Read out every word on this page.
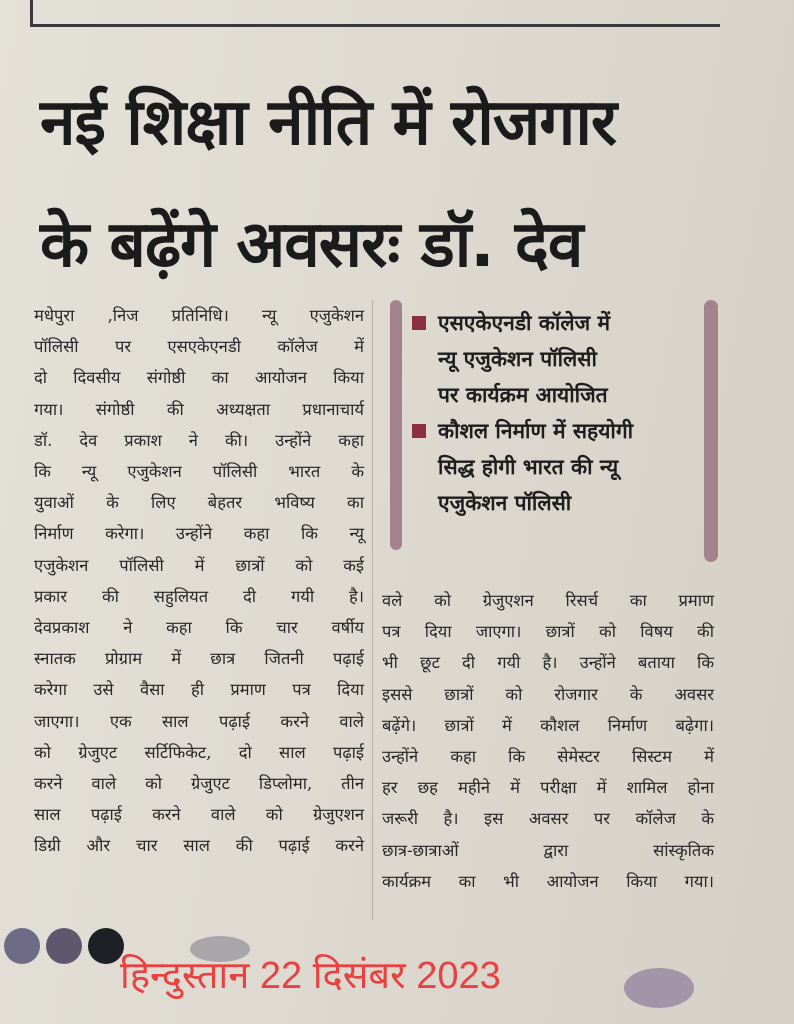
नई शिक्षा नीति में रोजगार
के बढ़ेंगे अवसरः डॉ. देव

मधेपुरा ,निज प्रतिनिधि। न्यू एजुकेशन

पॉलिसी पर एसएकेएनडी कॉलेज में

दो दिवसीय संगोष्ठी का आयोजन किया

गया। संगोष्ठी की अध्यक्षता प्रधानाचार्य

डॉ. देव प्रकाश ने की। उन्होंने कहा

कि न्यू एजुकेशन पॉलिसी भारत के

युवाओं के लिए बेहतर भविष्य का

निर्माण करेगा। उन्होंने कहा कि न्यू

एजुकेशन पॉलिसी में छात्रों को कई

प्रकार की सहुलियत दी गयी है।

देवप्रकाश ने कहा कि चार वर्षीय

स्नातक प्रोग्राम में छात्र जितनी पढ़ाई

करेगा उसे वैसा ही प्रमाण पत्र दिया

जाएगा। एक साल पढ़ाई करने वाले

को ग्रेजुएट सर्टिफिकेट, दो साल पढ़ाई

करने वाले को ग्रेजुएट डिप्लोमा, तीन

साल पढ़ाई करने वाले को ग्रेजुएशन

डिग्री और चार साल की पढ़ाई करने

एसएकेएनडी कॉलेज में
न्यू एजुकेशन पॉलिसी
पर कार्यक्रम आयोजित
कौशल निर्माण में सहयोगी
सिद्ध होगी भारत की न्यू
एजुकेशन पॉलिसी

वले को ग्रेजुएशन रिसर्च का प्रमाण

पत्र दिया जाएगा। छात्रों को विषय की

भी छूट दी गयी है। उन्होंने बताया कि

इससे छात्रों को रोजगार के अवसर

बढ़ेंगे। छात्रों में कौशल निर्माण बढ़ेगा।

उन्होंने कहा कि सेमेस्टर सिस्टम में

हर छह महीने में परीक्षा में शामिल होना

जरूरी है। इस अवसर पर कॉलेज के

छात्र-छात्राओं द्वारा सांस्कृतिक

कार्यक्रम का भी आयोजन किया गया।

हिन्दुस्तान 22 दिसंबर 2023
